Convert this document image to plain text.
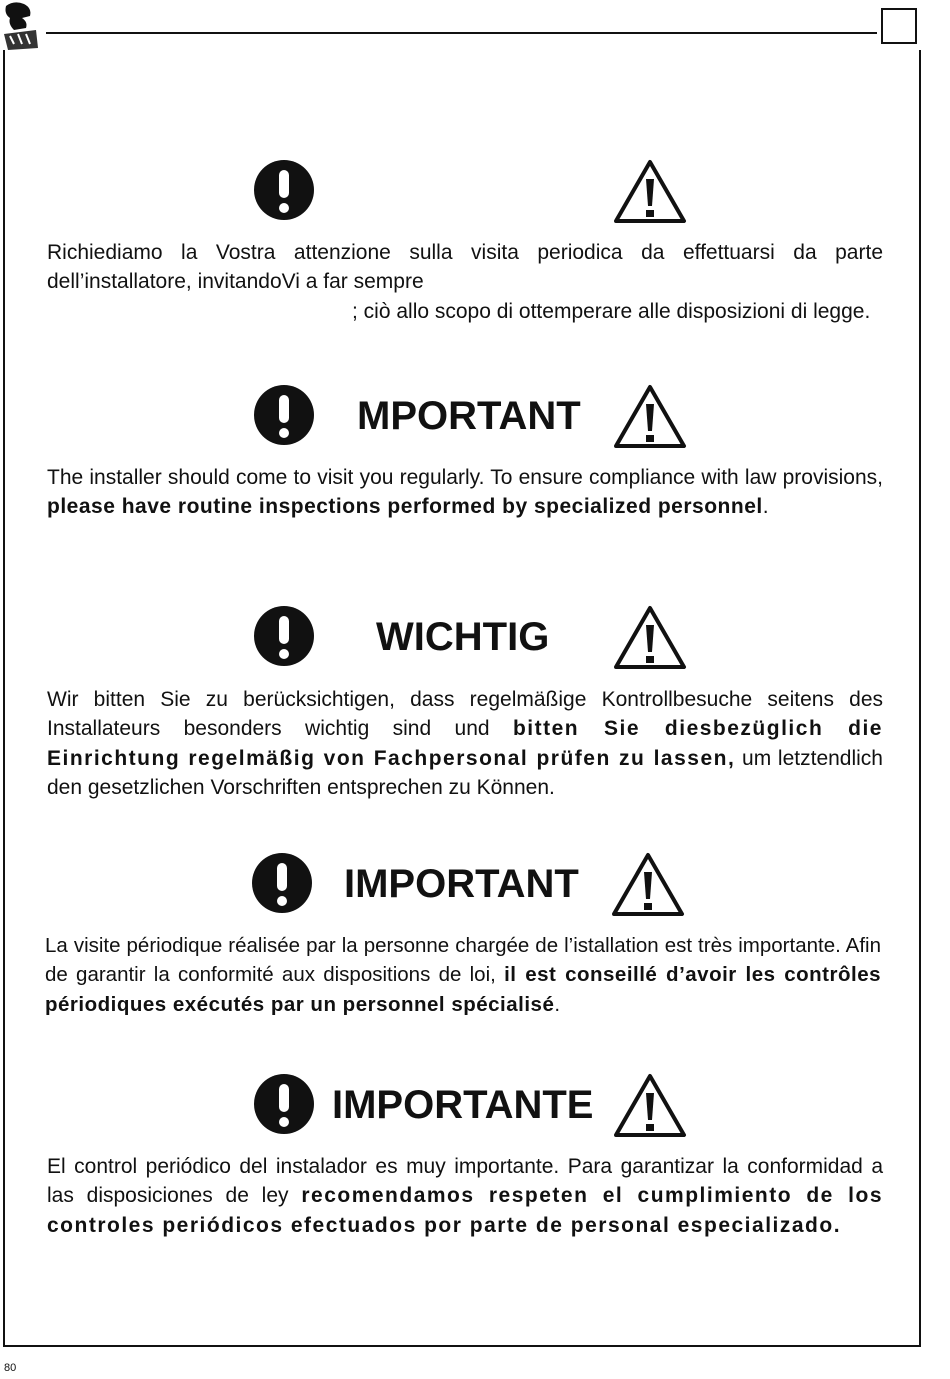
Richiediamo la Vostra attenzione sulla visita periodica da effettuarsi da parte dell’installatore, invitandoVi a far sempre
; ciò allo scopo di ottemperare alle disposizioni di legge.

MPORTANT

The installer should come to visit you regularly. To ensure compliance with law provisions, please have routine inspections performed by specialized personnel.

WICHTIG

Wir bitten Sie zu berücksichtigen, dass regelmäßige Kontrollbesuche seitens des Installateurs besonders wichtig sind und bitten Sie diesbezüglich die Einrichtung regelmäßig von Fachpersonal prüfen zu lassen, um letztendlich den gesetzlichen Vorschriften entsprechen zu Können.

IMPORTANT

La visite périodique réalisée par la personne chargée de l’istallation est très importante. Afin de garantir la conformité aux dispositions de loi, il est conseillé d’avoir les contrôles périodiques exécutés par un personnel spécialisé.

IMPORTANTE

El control periódico del instalador es muy importante. Para garantizar la conformidad a las disposiciones de ley recomendamos respeten el cumplimiento de los controles periódicos efectuados por parte de personal especializado.

80
